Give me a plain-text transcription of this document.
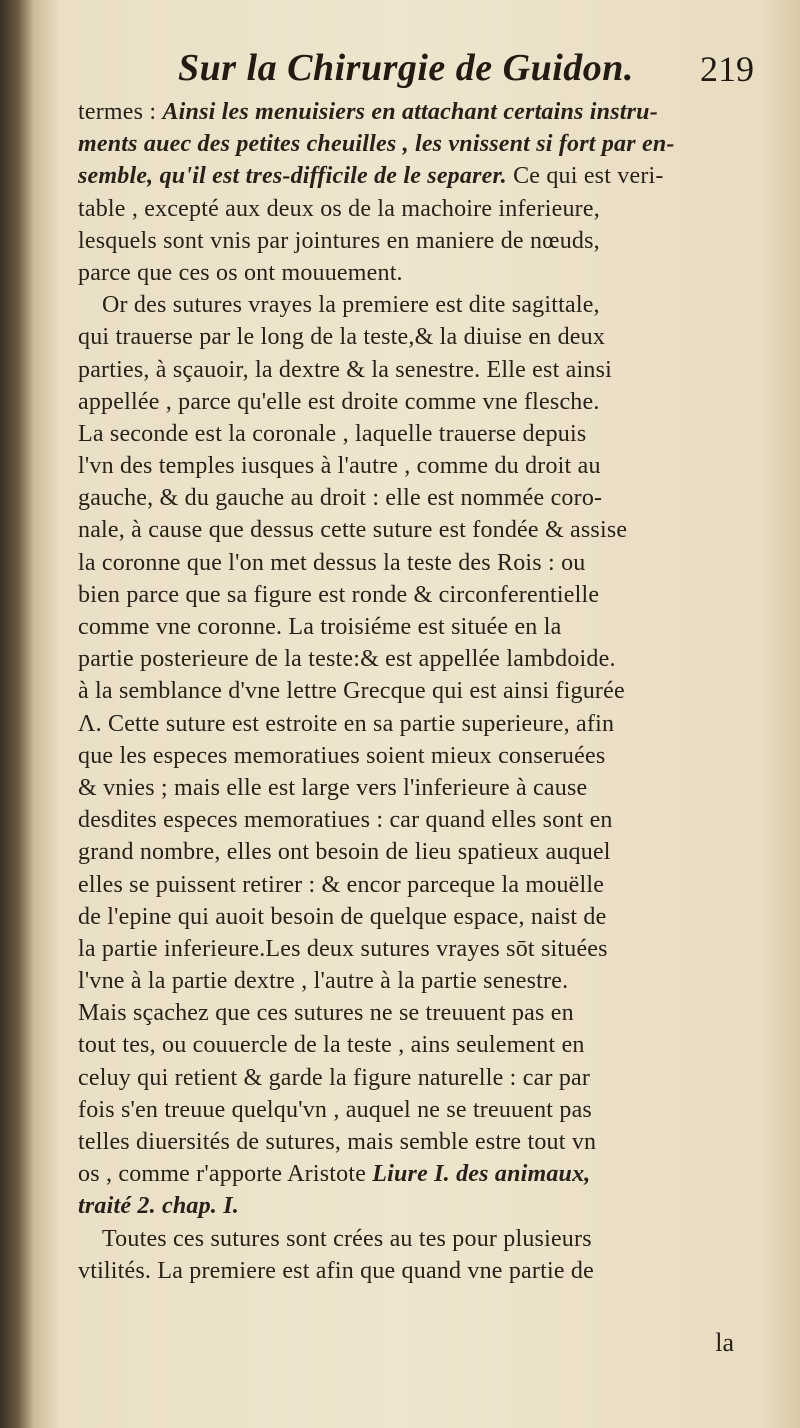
Sur la Chirurgie de Guidon. 219
termes : Ainsi les menuisiers en attachant certains instru-
ments auec des petites cheuilles , les vnissent si fort par en-
semble, qu'il est tres-difficile de le separer. Ce qui est veri-
table , excepté aux deux os de la machoire inferieure,
lesquels sont vnis par jointures en maniere de nœuds,
parce que ces os ont mouuement.
Or des sutures vrayes la premiere est dite sagittale,
qui trauerse par le long de la teste,& la diuise en deux
parties, à sçauoir, la dextre & la senestre. Elle est ainsi
appellée , parce qu'elle est droite comme vne flesche.
La seconde est la coronale , laquelle trauerse depuis
l'vn des temples iusques à l'autre , comme du droit au
gauche, & du gauche au droit : elle est nommée coro-
nale, à cause que dessus cette suture est fondée & assise
la coronne que l'on met dessus la teste des Rois : ou
bien parce que sa figure est ronde & circonferentielle
comme vne coronne. La troisiéme est située en la
partie posterieure de la teste:& est appellée lambdoide.
à la semblance d'vne lettre Grecque qui est ainsi figurée
Λ. Cette suture est estroite en sa partie superieure, afin
que les especes memoratiues soient mieux conseruées
& vnies ; mais elle est large vers l'inferieure à cause
desdites especes memoratiues : car quand elles sont en
grand nombre, elles ont besoin de lieu spatieux auquel
elles se puissent retirer : & encor parceque la mouëlle
de l'epine qui auoit besoin de quelque espace, naist de
la partie inferieure.Les deux sutures vrayes sōt situées
l'vne à la partie dextre , l'autre à la partie senestre.
Mais sçachez que ces sutures ne se treuuent pas en
tout tes, ou couuercle de la teste , ains seulement en
celuy qui retient & garde la figure naturelle : car par
fois s'en treuue quelqu'vn , auquel ne se treuuent pas
telles diuersités de sutures, mais semble estre tout vn
os , comme r'apporte Aristote Liure I. des animaux,
traité 2. chap. I.
Toutes ces sutures sont crées au tes pour plusieurs
vtilités. La premiere est afin que quand vne partie de
la
